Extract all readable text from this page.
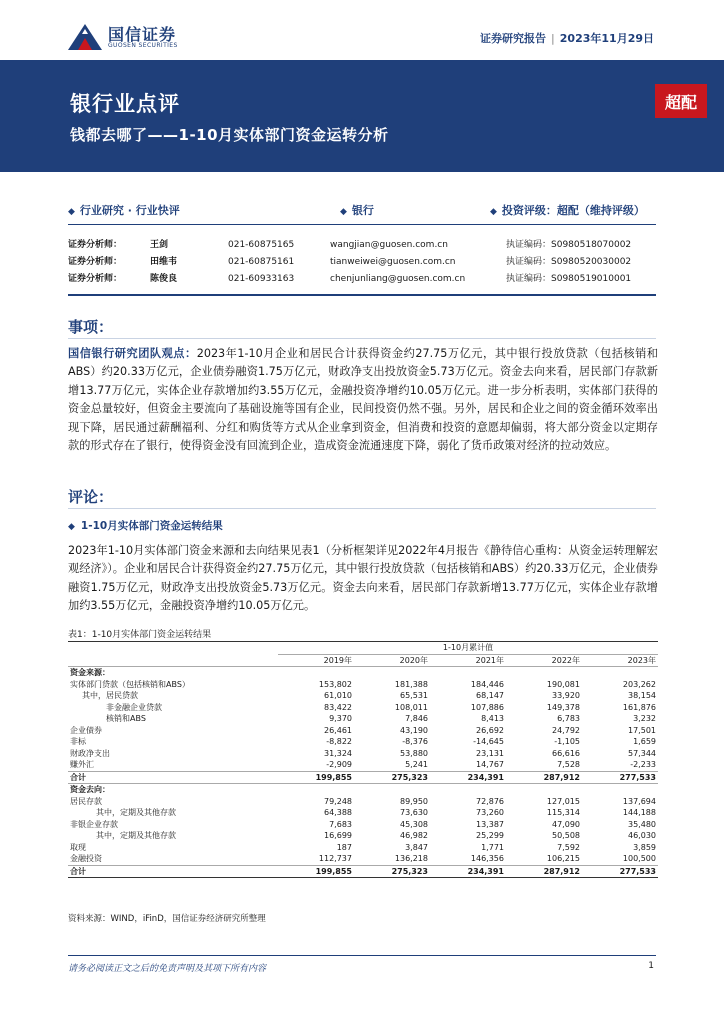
国信证券
GUOSEN SECURITIES
证券研究报告 | 2023年11月29日
银行业点评
钱都去哪了——1-10月实体部门资金运转分析
超配
◆ 行业研究 · 行业快评	◆ 银行	◆ 投资评级：超配（维持评级）
证券分析师：	王剑	021-60875165	wangjian@guosen.com.cn	执证编码：S0980518070002
证券分析师：	田维韦	021-60875161	tianweiwei@guosen.com.cn	执证编码：S0980520030002
证券分析师：	陈俊良	021-60933163	chenjunliang@guosen.com.cn	执证编码：S0980519010001
事项：
国信银行研究团队观点：2023年1-10月企业和居民合计获得资金约27.75万亿元，其中银行投放贷款（包括核销和ABS）约20.33万亿元，企业债券融资1.75万亿元，财政净支出投放资金5.73万亿元。资金去向来看，居民部门存款新增13.77万亿元，实体企业存款增加约3.55万亿元，金融投资净增约10.05万亿元。进一步分析表明，实体部门获得的资金总量较好，但资金主要流向了基础设施等国有企业，民间投资仍然不强。另外，居民和企业之间的资金循环效率出现下降，居民通过薪酬福利、分红和购货等方式从企业拿到资金，但消费和投资的意愿却偏弱，将大部分资金以定期存款的形式存在了银行，使得资金没有回流到企业，造成资金流通速度下降，弱化了货币政策对经济的拉动效应。
评论：
◆ 1-10月实体部门资金运转结果
2023年1-10月实体部门资金来源和去向结果见表1（分析框架详见2022年4月报告《静待信心重构：从资金运转理解宏观经济》）。企业和居民合计获得资金约27.75万亿元，其中银行投放贷款（包括核销和ABS）约20.33万亿元，企业债券融资1.75万亿元，财政净支出投放资金5.73万亿元。资金去向来看，居民部门存款新增13.77万亿元，实体企业存款增加约3.55万亿元，金融投资净增约10.05万亿元。
表1：1-10月实体部门资金运转结果
	1-10月累计值				
	2019年	2020年	2021年	2022年	2023年
资金来源：					
实体部门贷款（包括核销和ABS）	153,802	181,388	184,446	190,081	203,262
其中，居民贷款	61,010	65,531	68,147	33,920	38,154
非金融企业贷款	83,422	108,011	107,886	149,378	161,876
核销和ABS	9,370	7,846	8,413	6,783	3,232
企业债券	26,461	43,190	26,692	24,792	17,501
非标	-8,822	-8,376	-14,645	-1,105	1,659
财政净支出	31,324	53,880	23,131	66,616	57,344
赚外汇	-2,909	5,241	14,767	7,528	-2,233
合计	199,855	275,323	234,391	287,912	277,533
资金去向：					
居民存款	79,248	89,950	72,876	127,015	137,694
其中，定期及其他存款	64,388	73,630	73,260	115,314	144,188
非银企业存款	7,683	45,308	13,387	47,090	35,480
其中，定期及其他存款	16,699	46,982	25,299	50,508	46,030
取现	187	3,847	1,771	7,592	3,859
金融投资	112,737	136,218	146,356	106,215	100,500
合计	199,855	275,323	234,391	287,912	277,533
资料来源：WIND，iFinD，国信证券经济研究所整理
请务必阅读正文之后的免责声明及其项下所有内容	1
